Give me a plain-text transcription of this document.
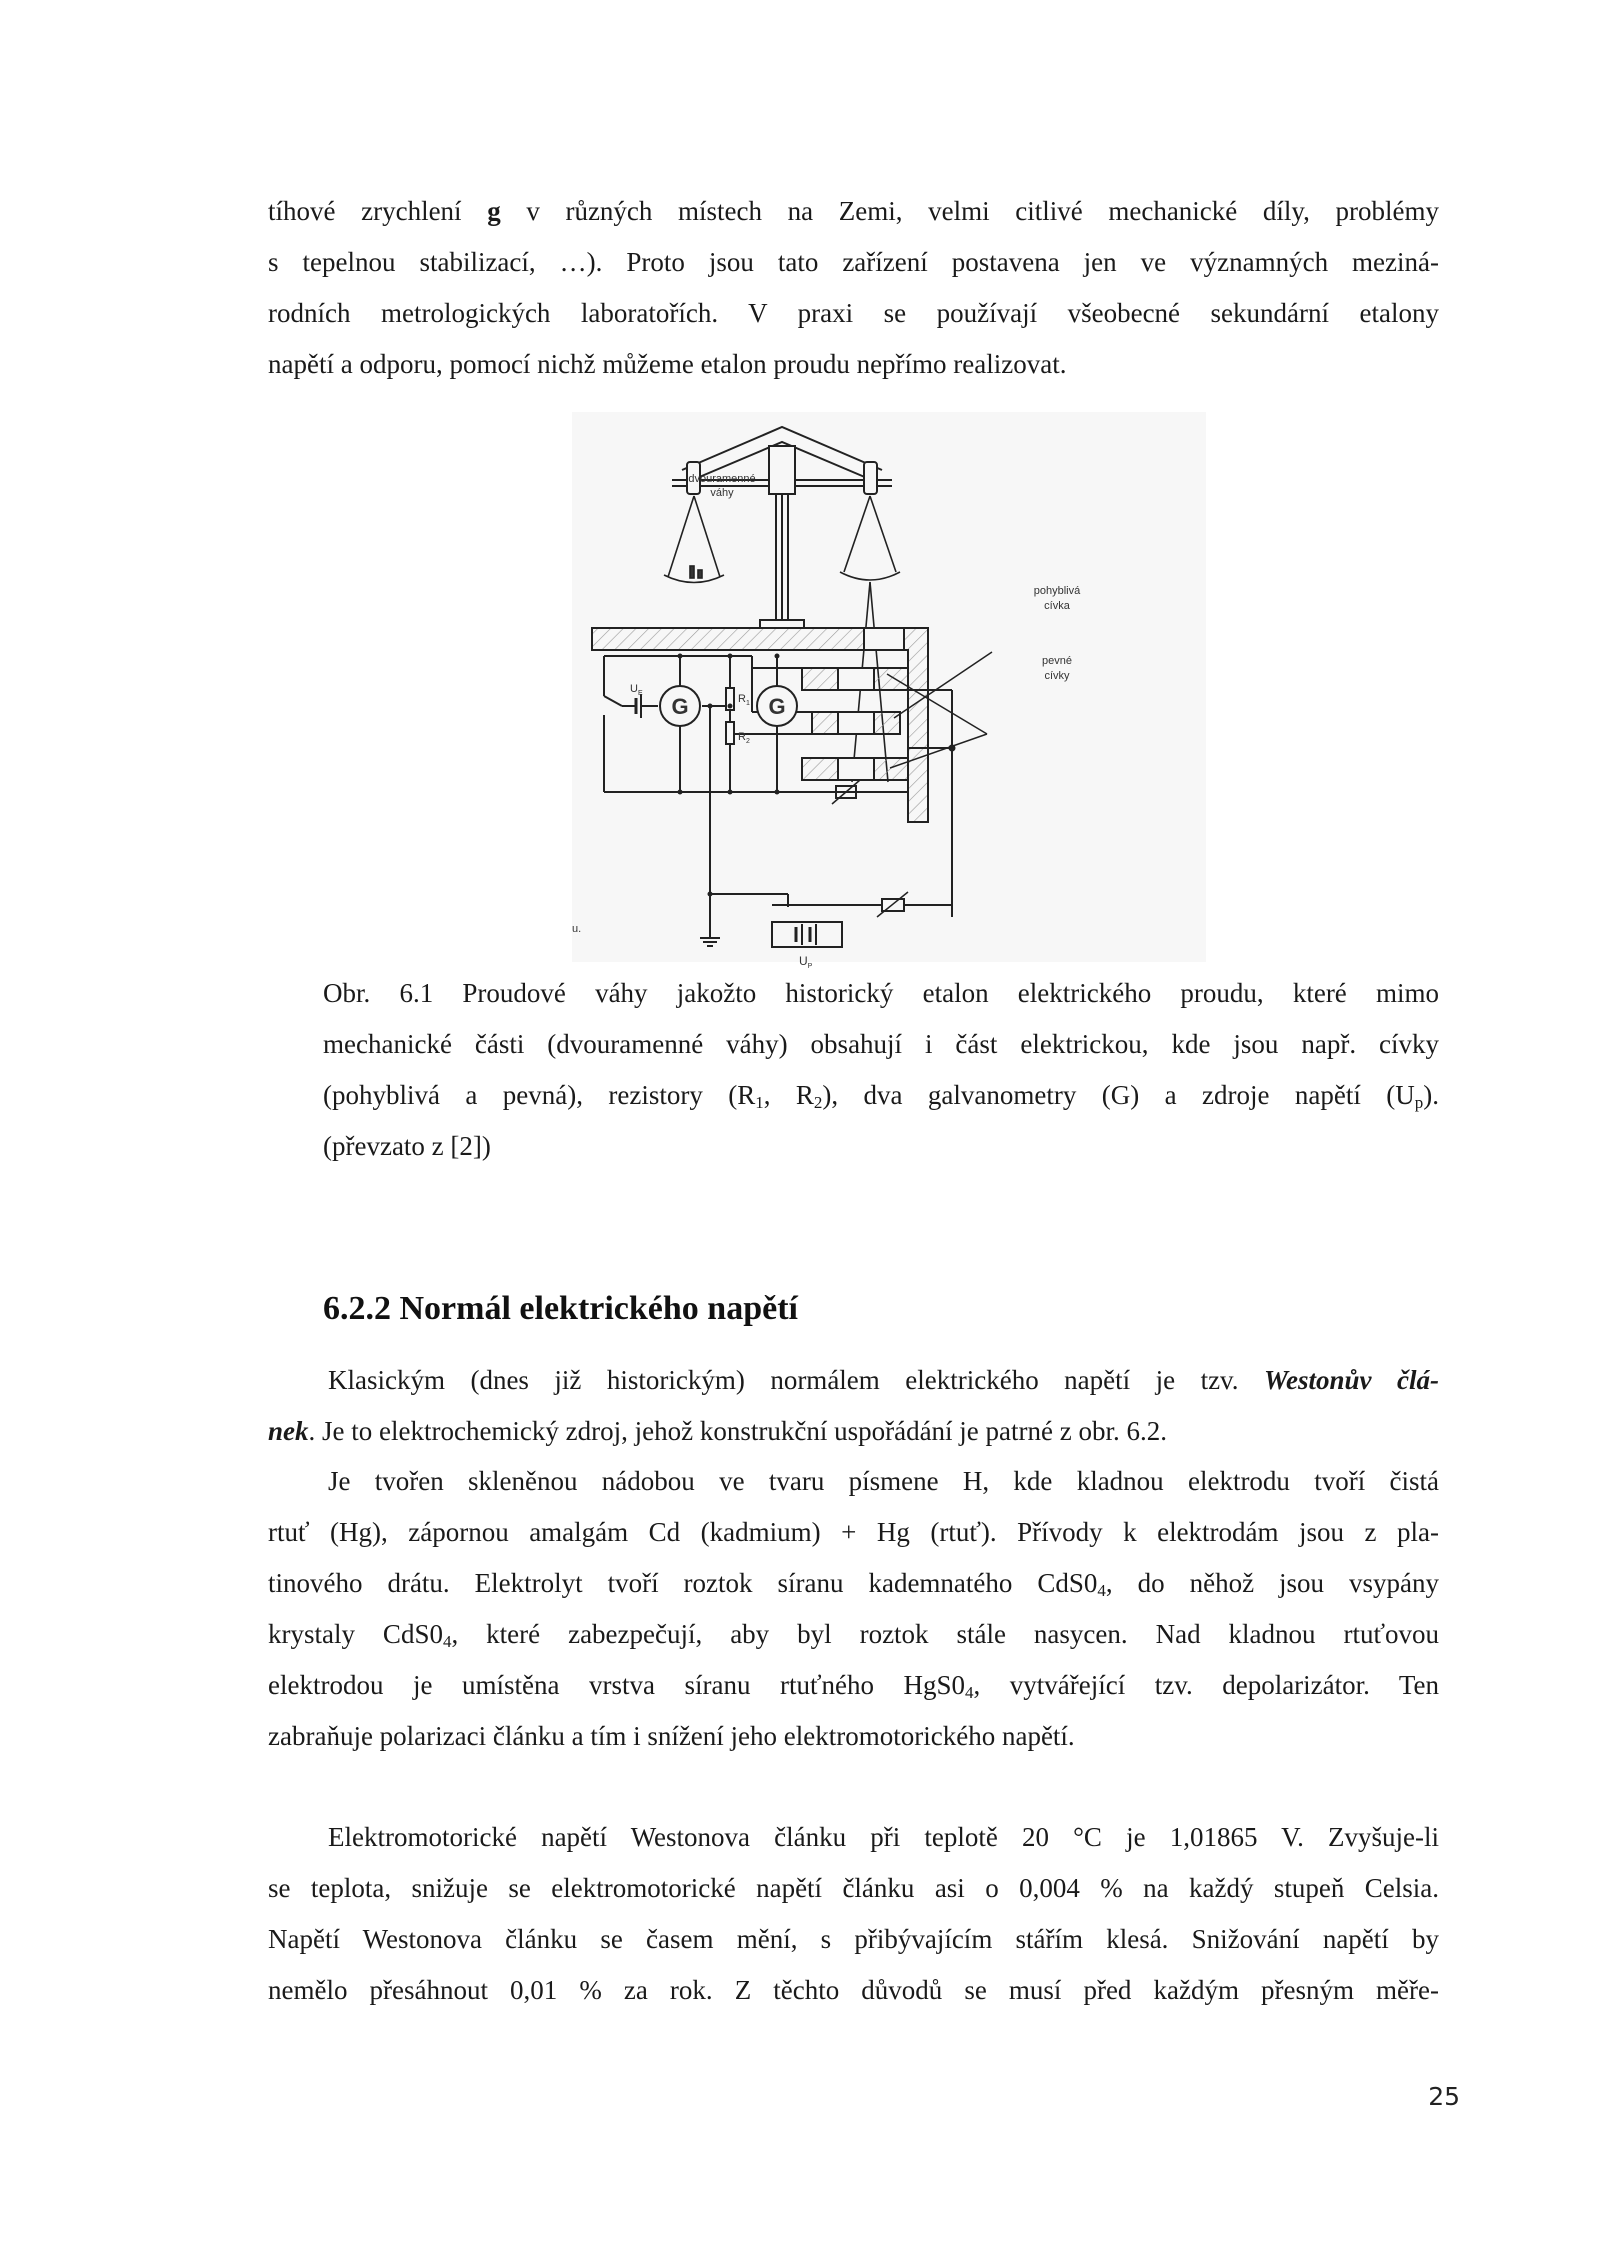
tíhové zrychlení g v různých místech na Zemi, velmi citlivé mechanické díly, problémy
s tepelnou stabilizací, …). Proto jsou tato zařízení postavena jen ve významných meziná-
rodních metrologických laboratořích. V praxi se používají všeobecné sekundární etalony
napětí a odporu, pomocí nichž můžeme etalon proudu nepřímo realizovat.
dvouramenné
váhy
pohyblivá
cívka
pevné
cívky
G	G
$R_1$
$R_2$
$U_E$
$U_P$
u.
Obr. 6.1 Proudové váhy jakožto historický etalon elektrického proudu, které mimo
mechanické části (dvouramenné váhy) obsahují i část elektrickou, kde jsou např. cívky
(pohyblivá a pevná), rezistory ($R_1$, $R_2$), dva galvanometry (G) a zdroje napětí $(U_p)$.
(převzato z [2])
6.2.2 Normál elektrického napětí
Klasickým (dnes již historickým) normálem elektrického napětí je tzv. Westonův člá-
nek. Je to elektrochemický zdroj, jehož konstrukční uspořádání je patrné z obr. 6.2.
Je tvořen skleněnou nádobou ve tvaru písmene H, kde kladnou elektrodu tvoří čistá
rtuť (Hg), zápornou amalgám Cd (kadmium) + Hg (rtuť). Přívody k elektrodám jsou z pla-
tinového drátu. Elektrolyt tvoří roztok síranu kademnatého $CdS0_4$, do něhož jsou vsypány
krystaly $CdS0_4$, které zabezpečují, aby byl roztok stále nasycen. Nad kladnou rtuťovou
elektrodou je umístěna vrstva síranu rtuťného $HgS0_4$, vytvářející tzv. depolarizátor. Ten
zabraňuje polarizaci článku a tím i snížení jeho elektromotorického napětí.
Elektromotorické napětí Westonova článku při teplotě 20 °C je 1,01865 V. Zvyšuje-li
se teplota, snižuje se elektromotorické napětí článku asi o 0,004 % na každý stupeň Celsia.
Napětí Westonova článku se časem mění, s přibývajícím stářím klesá. Snižování napětí by
nemělo přesáhnout 0,01 % za rok. Z těchto důvodů se musí před každým přesným měře-
25
